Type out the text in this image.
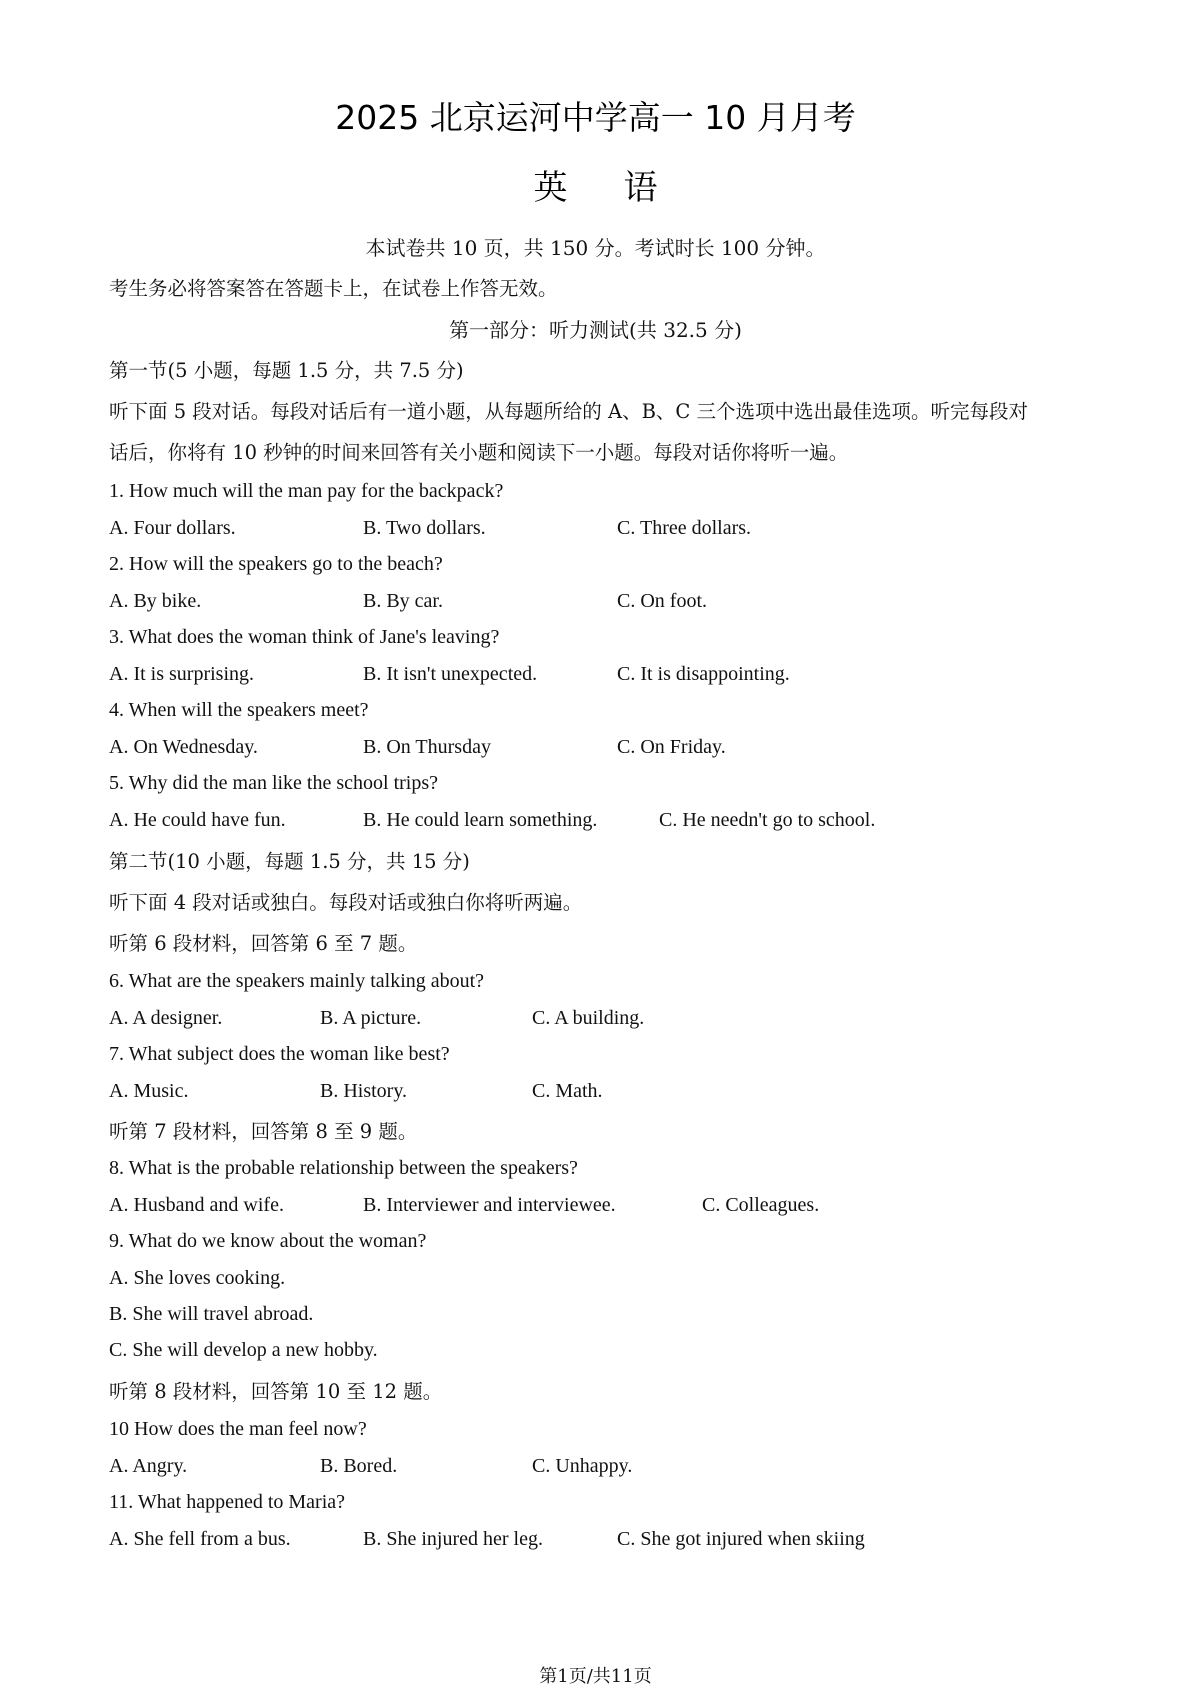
2025 北京运河中学高一 10 月月考
英语
本试卷共 10 页，共 150 分。考试时长 100 分钟。
考生务必将答案答在答题卡上，在试卷上作答无效。
第一部分：听力测试(共 32.5 分)
第一节(5 小题，每题 1.5 分，共 7.5 分)
听下面 5 段对话。每段对话后有一道小题，从每题所给的 A、B、C 三个选项中选出最佳选项。听完每段对
话后，你将有 10 秒钟的时间来回答有关小题和阅读下一小题。每段对话你将听一遍。
1. How much will the man pay for the backpack?
A. Four dollars.	B. Two dollars.	C. Three dollars.
2. How will the speakers go to the beach?
A. By bike.	B. By car.	C. On foot.
3. What does the woman think of Jane's leaving?
A. It is surprising.	B. It isn't unexpected.	C. It is disappointing.
4. When will the speakers meet?
A. On Wednesday.	B. On Thursday	C. On Friday.
5. Why did the man like the school trips?
A. He could have fun.	B. He could learn something.	C. He needn't go to school.
第二节(10 小题，每题 1.5 分，共 15 分)
听下面 4 段对话或独白。每段对话或独白你将听两遍。
听第 6 段材料，回答第 6 至 7 题。
6. What are the speakers mainly talking about?
A. A designer.	B. A picture.	C. A building.
7. What subject does the woman like best?
A. Music.	B. History.	C. Math.
听第 7 段材料，回答第 8 至 9 题。
8. What is the probable relationship between the speakers?
A. Husband and wife.	B. Interviewer and interviewee.	C. Colleagues.
9. What do we know about the woman?
A. She loves cooking.
B. She will travel abroad.
C. She will develop a new hobby.
听第 8 段材料，回答第 10 至 12 题。
10 How does the man feel now?
A. Angry.	B. Bored.	C. Unhappy.
11. What happened to Maria?
A. She fell from a bus.	B. She injured her leg.	C. She got injured when skiing
第1页/共11页
